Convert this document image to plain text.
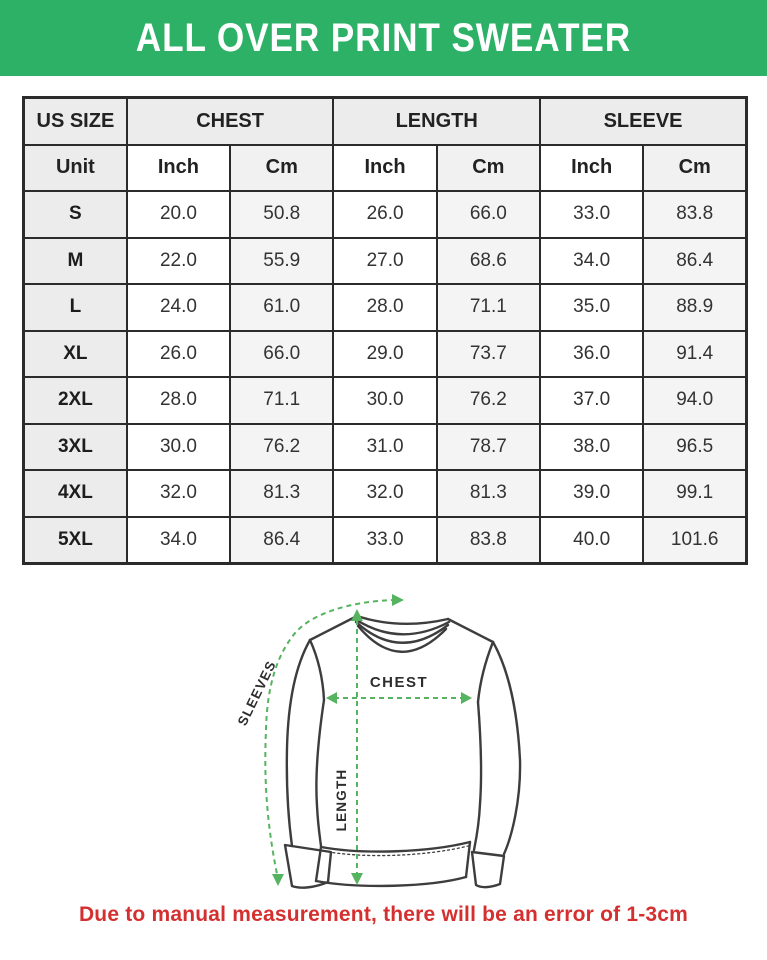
ALL OVER PRINT SWEATER
US SIZE	CHEST		LENGTH		SLEEVE	
Unit	Inch	Cm	Inch	Cm	Inch	Cm
S	20.0	50.8	26.0	66.0	33.0	83.8
M	22.0	55.9	27.0	68.6	34.0	86.4
L	24.0	61.0	28.0	71.1	35.0	88.9
XL	26.0	66.0	29.0	73.7	36.0	91.4
2XL	28.0	71.1	30.0	76.2	37.0	94.0
3XL	30.0	76.2	31.0	78.7	38.0	96.5
4XL	32.0	81.3	32.0	81.3	39.0	99.1
5XL	34.0	86.4	33.0	83.8	40.0	101.6
CHEST
LENGTH
SLEEVES

Due to manual measurement, there will be an error of 1-3cm
